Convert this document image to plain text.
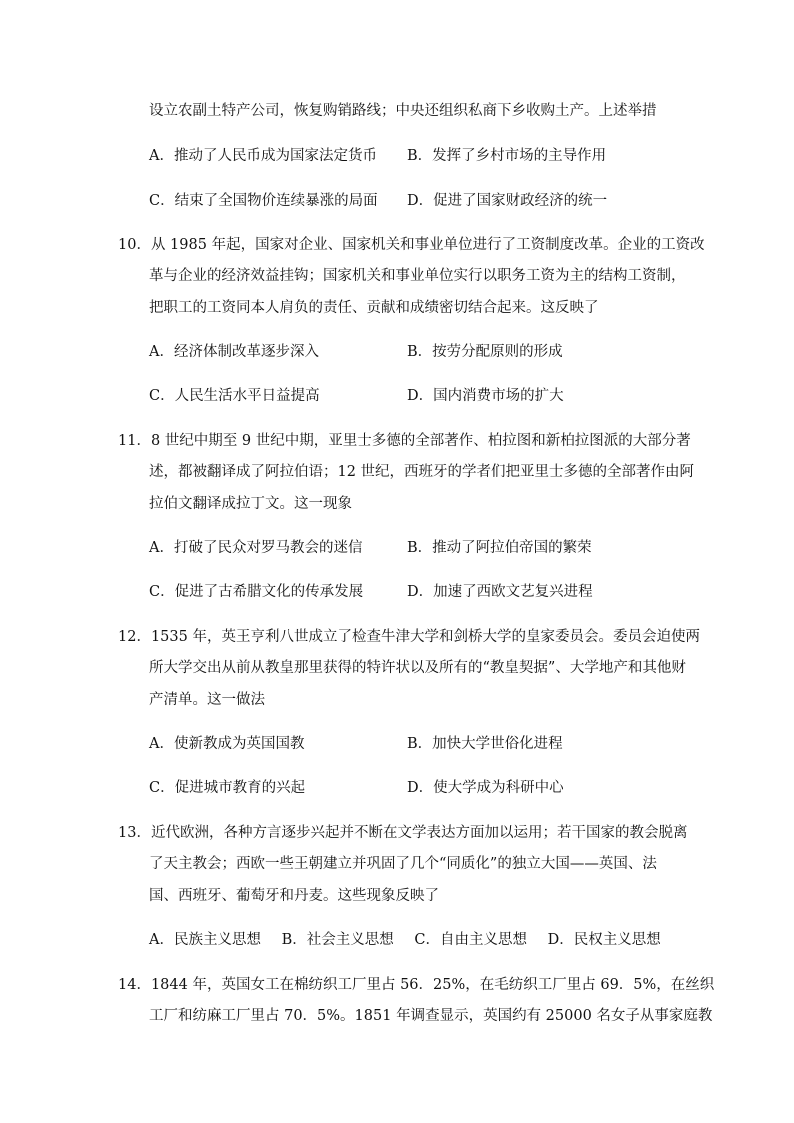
设立农副土特产公司，恢复购销路线；中央还组织私商下乡收购土产。上述举措
A．推动了人民币成为国家法定货币 B．发挥了乡村市场的主导作用
C．结束了全国物价连续暴涨的局面 D．促进了国家财政经济的统一
10．从 1985 年起，国家对企业、国家机关和事业单位进行了工资制度改革。企业的工资改
革与企业的经济效益挂钩；国家机关和事业单位实行以职务工资为主的结构工资制，
把职工的工资同本人肩负的责任、贡献和成绩密切结合起来。这反映了
A．经济体制改革逐步深入	B．按劳分配原则的形成
C．人民生活水平日益提高	D．国内消费市场的扩大
11．8 世纪中期至 9 世纪中期，亚里士多德的全部著作、柏拉图和新柏拉图派的大部分著
述，都被翻译成了阿拉伯语；12 世纪，西班牙的学者们把亚里士多德的全部著作由阿
拉伯文翻译成拉丁文。这一现象
A．打破了民众对罗马教会的迷信	B．推动了阿拉伯帝国的繁荣
C．促进了古希腊文化的传承发展	D．加速了西欧文艺复兴进程
12．1535 年，英王亨利八世成立了检查牛津大学和剑桥大学的皇家委员会。委员会迫使两
所大学交出从前从教皇那里获得的特许状以及所有的“教皇契据”、大学地产和其他财
产清单。这一做法
A．使新教成为英国国教	B．加快大学世俗化进程
C．促进城市教育的兴起	D．使大学成为科研中心
13．近代欧洲，各种方言逐步兴起并不断在文学表达方面加以运用；若干国家的教会脱离
了天主教会；西欧一些王朝建立并巩固了几个“同质化”的独立大国——英国、法
国、西班牙、葡萄牙和丹麦。这些现象反映了
A．民族主义思想 B．社会主义思想 C．自由主义思想 D．民权主义思想
14．1844 年，英国女工在棉纺织工厂里占 56．25%，在毛纺织工厂里占 69．5%，在丝织
工厂和纺麻工厂里占 70．5%。1851 年调查显示，英国约有 25000 名女子从事家庭教
